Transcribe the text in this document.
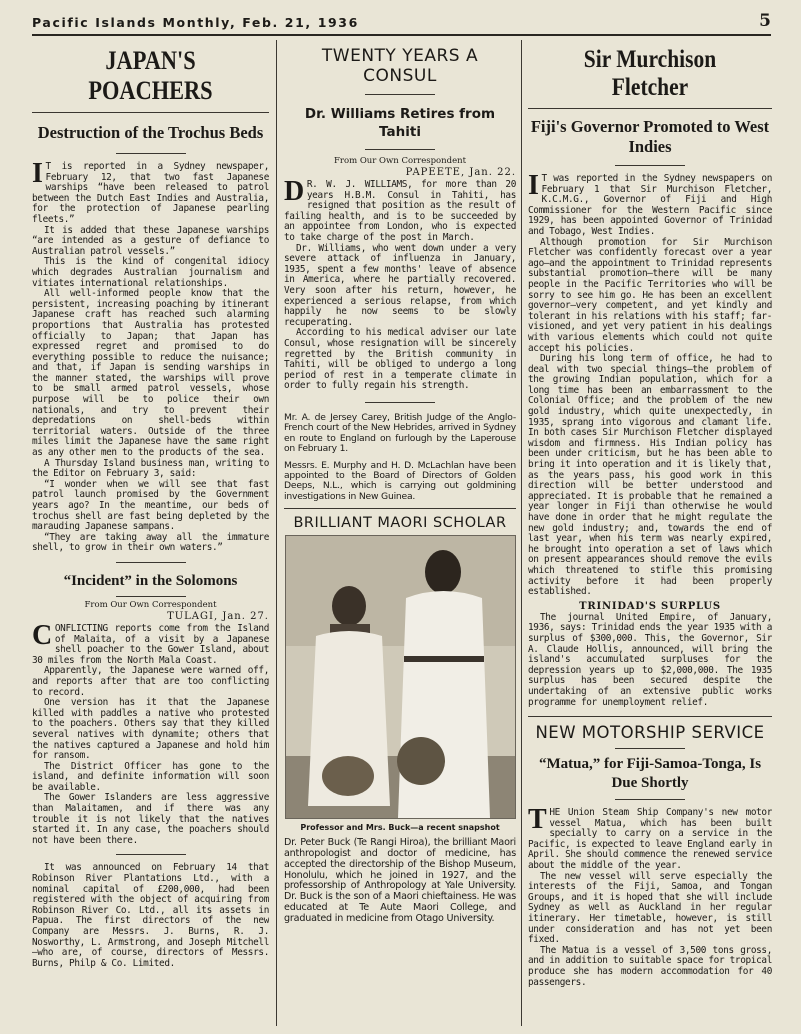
Pacific Islands Monthly, Feb. 21, 1936	5
JAPAN'S POACHERS
Destruction of the Trochus Beds

I T is reported in a Sydney newspaper, February 12, that two fast Japanese warships “have been released to patrol between the Dutch East Indies and Australia, for the protection of Japanese pearling fleets.”

It is added that these Japanese warships “are intended as a gesture of defiance to Australian patrol vessels.”

This is the kind of congenital idiocy which degrades Australian journalism and vitiates international relationships.

All well-informed people know that the persistent, increasing poaching by itinerant Japanese craft has reached such alarming proportions that Australia has protested officially to Japan; that Japan has expressed regret and promised to do everything possible to reduce the nuisance; and that, if Japan is sending warships in the manner stated, the warships will prove to be small armed patrol vessels, whose purpose will be to police their own nationals, and try to prevent their depredations on shell-beds within territorial waters. Outside of the three miles limit the Japanese have the same right as any other men to the products of the sea.

A Thursday Island business man, writing to the Editor on February 3, said:

“I wonder when we will see that fast patrol launch promised by the Government years ago? In the meantime, our beds of trochus shell are fast being depleted by the marauding Japanese sampans.

“They are taking away all the immature shell, to grow in their own waters.”

“Incident” in the Solomons
From Our Own Correspondent
TULAGI, Jan. 27.

CONFLICTING reports come from the Island of Malaita, of a visit by a Japanese shell poacher to the Gower Island, about 30 miles from the North Mala Coast.

Apparently, the Japanese were warned off, and reports after that are too conflicting to record.

One version has it that the Japanese killed with paddles a native who protested to the poachers. Others say that they killed several natives with dynamite; others that the natives captured a Japanese and hold him for ransom.

The District Officer has gone to the island, and definite information will soon be available.

The Gower Islanders are less aggressive than Malaitamen, and if there was any trouble it is not likely that the natives started it. In any case, the poachers should not have been there.

It was announced on February 14 that Robinson River Plantations Ltd., with a nominal capital of £200,000, had been registered with the object of acquiring from Robinson River Co. Ltd., all its assets in Papua. The first directors of the new Company are Messrs. J. Burns, R. J. Nosworthy, L. Armstrong, and Joseph Mitchell—who are, of course, directors of Messrs. Burns, Philp & Co. Limited.

TWENTY YEARS A CONSUL
Dr. Williams Retires from Tahiti
From Our Own Correspondent
PAPEETE, Jan. 22.

D R. W. J. WILLIAMS, for more than 20 years H.B.M. Consul in Tahiti, has resigned that position as the result of failing health, and is to be succeeded by an appointee from London, who is expected to take charge of the post in March.

Dr. Williams, who went down under a very severe attack of influenza in January, 1935, spent a few months' leave of absence in America, where he partially recovered. Very soon after his return, however, he experienced a serious relapse, from which happily he now seems to be slowly recuperating.

According to his medical adviser our late Consul, whose resignation will be sincerely regretted by the British community in Tahiti, will be obliged to undergo a long period of rest in a temperate climate in order to fully regain his strength.

Mr. A. de Jersey Carey, British Judge of the Anglo-French court of the New Hebrides, arrived in Sydney en route to England on furlough by the Laperouse on February 1.

Messrs. E. Murphy and H. D. McLachlan have been appointed to the Board of Directors of Golden Deeps, N.L., which is carrying out goldmining investigations in New Guinea.

BRILLIANT MAORI SCHOLAR
Professor and Mrs. Buck—a recent snapshot

Dr. Peter Buck (Te Rangi Hiroa), the brilliant Maori anthropologist and doctor of medicine, has accepted the directorship of the Bishop Museum, Honolulu, which he joined in 1927, and the professorship of Anthropology at Yale University. Dr. Buck is the son of a Maori chieftainess. He was educated at Te Aute Maori College, and graduated in medicine from Otago University.

Sir Murchison Fletcher
Fiji's Governor Promoted to West Indies

I T was reported in the Sydney newspapers on February 1 that Sir Murchison Fletcher, K.C.M.G., Governor of Fiji and High Commissioner for the Western Pacific since 1929, has been appointed Governor of Trinidad and Tobago, West Indies.

Although promotion for Sir Murchison Fletcher was confidently forecast over a year ago—and the appointment to Trinidad represents substantial promotion—there will be many people in the Pacific Territories who will be sorry to see him go. He has been an excellent governor—very competent, and yet kindly and tolerant in his relations with his staff; far-visioned, and yet very patient in his dealings with various elements which could not quite accept his policies.

During his long term of office, he had to deal with two special things—the problem of the growing Indian population, which for a long time has been an embarrassment to the Colonial Office; and the problem of the new gold industry, which quite unexpectedly, in 1935, sprang into vigorous and clamant life. In both cases Sir Murchison Fletcher displayed wisdom and firmness. His Indian policy has been under criticism, but he has been able to bring it into operation and it is likely that, as the years pass, his good work in this direction will be better understood and appreciated. It is probable that he remained a year longer in Fiji than otherwise he would have done in order that he might regulate the new gold industry; and, towards the end of last year, when his term was nearly expired, he brought into operation a set of laws which on present appearances should remove the evils which threatened to stifle this promising activity before it had been properly established.

TRINIDAD'S SURPLUS

The journal United Empire, of January, 1936, says: Trinidad ends the year 1935 with a surplus of $300,000. This, the Governor, Sir A. Claude Hollis, announced, will bring the island's accumulated surpluses for the depression years up to $2,000,000. The 1935 surplus has been secured despite the undertaking of an extensive public works programme for unemployment relief.

NEW MOTORSHIP SERVICE
“Matua,” for Fiji-Samoa-Tonga, Is Due Shortly

THE Union Steam Ship Company's new motor vessel Matua, which has been built specially to carry on a service in the Pacific, is expected to leave England early in April. She should commence the renewed service about the middle of the year.

The new vessel will serve especially the interests of the Fiji, Samoa, and Tongan Groups, and it is hoped that she will include Sydney as well as Auckland in her regular itinerary. Her timetable, however, is still under consideration and has not yet been fixed.

The Matua is a vessel of 3,500 tons gross, and in addition to suitable space for tropical produce she has modern accommodation for 40 passengers.
